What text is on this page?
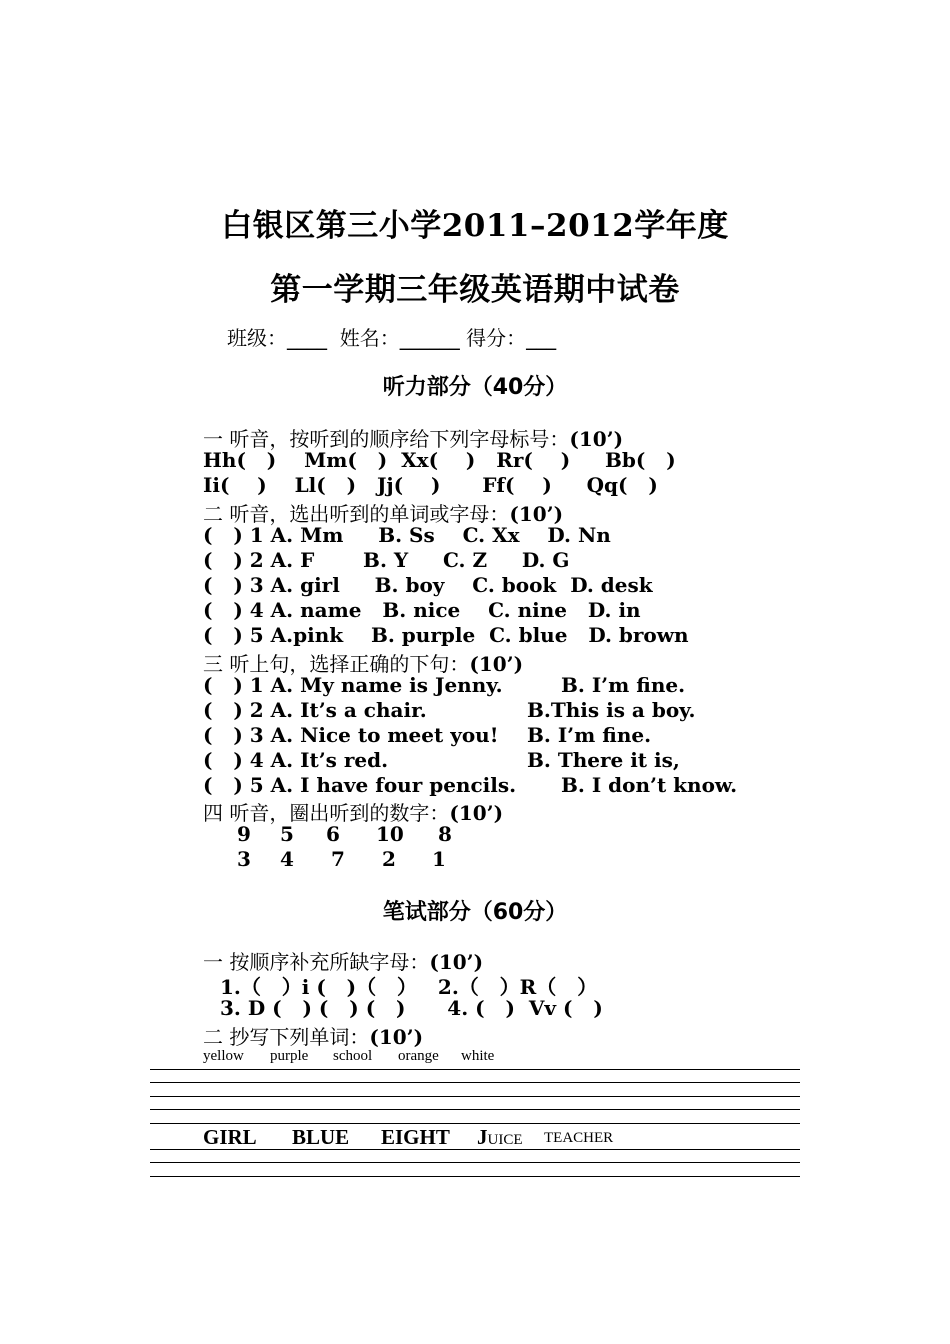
白银区第三小学2011–2012学年度
第一学期三年级英语期中试卷
班级：____  姓名：______ 得分：___
听力部分（40分）
一 听音，按听到的顺序给下列字母标号：(10’)
Hh(   )    Mm(   )  Xx(    )   Rr(    )     Bb(   )
Ii(    )    Ll(   )   Jj(    )      Ff(    )     Qq(   )
二 听音，选出听到的单词或字母：(10’)
(   ) 1 A. Mm     B. Ss    C. Xx    D. Nn
(   ) 2 A. F       B. Y     C. Z     D. G
(   ) 3 A. girl     B. boy    C. book  D. desk
(   ) 4 A. name   B. nice    C. nine   D. in
(   ) 5 A.pink    B. purple  C. blue   D. brown
三 听上句，选择正确的下句：(10’)
(   ) 1 A. My name is Jenny.	B. I’m fine.
(   ) 2 A. It’s a chair.	B.This is a boy.
(   ) 3 A. Nice to meet you! B. I’m fine.
(   ) 4 A. It’s red.	B. There it is,
(   ) 5 A. I have four pencils. B. I don’t know.
四 听音，圈出听到的数字：(10’)
9 5 6 10 8
3 4 7 2 1
笔试部分（60分）
一 按顺序补充所缺字母：(10’)
1.（   ）i (   )（   ）   2.（   ）R（   ）
3. D (   ) (   ) (   )      4. (   )  Vv (   )
二 抄写下列单词：(10’)
yellow purple school orange white
GIRL BLUE EIGHT JUICE TEACHER
